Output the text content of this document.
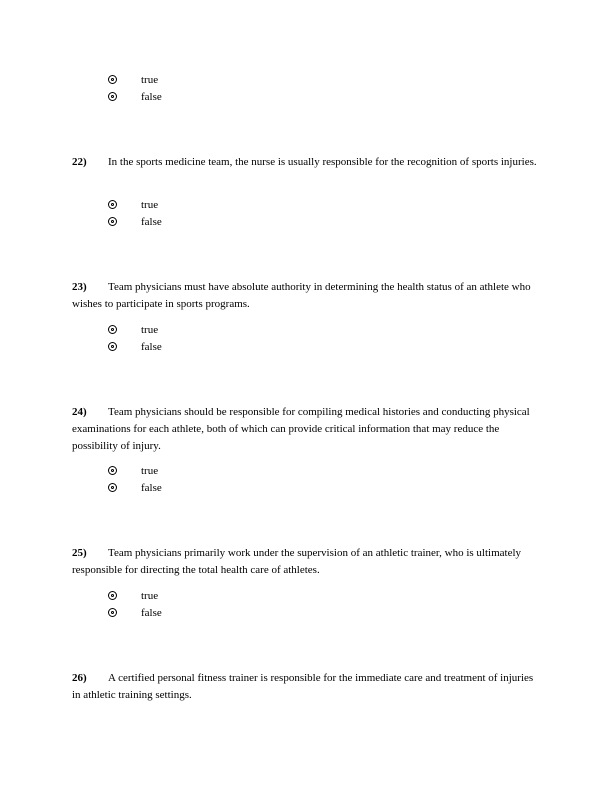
true
false
22) In the sports medicine team, the nurse is usually responsible for the recognition of sports injuries.
true
false
23) Team physicians must have absolute authority in determining the health status of an athlete who wishes to participate in sports programs.
true
false
24) Team physicians should be responsible for compiling medical histories and conducting physical examinations for each athlete, both of which can provide critical information that may reduce the possibility of injury.
true
false
25) Team physicians primarily work under the supervision of an athletic trainer, who is ultimately responsible for directing the total health care of athletes.
true
false
26) A certified personal fitness trainer is responsible for the immediate care and treatment of injuries in athletic training settings.
